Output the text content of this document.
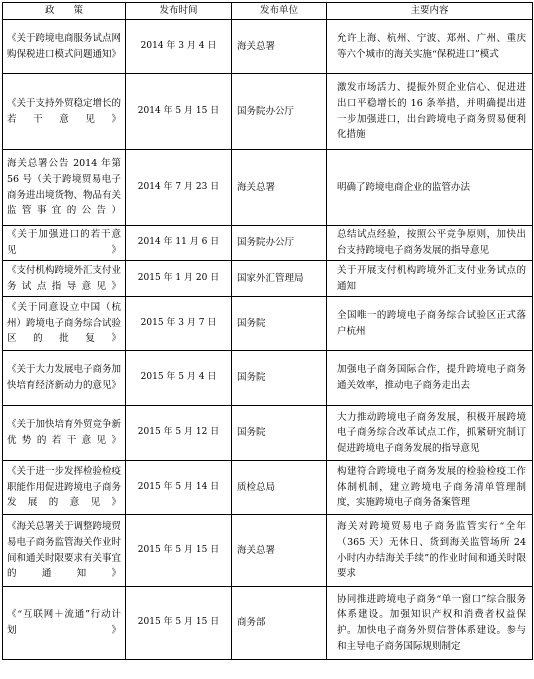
政　　策	发布时间	发布单位	主要内容
《关于跨境电商服务试点网购保税进口模式问题通知》	2014 年 3 月 4 日	海关总署	允许上海、杭州、宁波、郑州、广州、重庆等六个城市的海关实施“保税进口”模式
《关于支持外贸稳定增长的若干意见》	2014 年 5 月 15 日	国务院办公厅	激发市场活力、提振外贸企业信心、促进进出口平稳增长的 16 条举措，并明确提出进一步加强进口，出台跨境电子商务贸易便利化措施
海关总署公告 2014 年第 56 号（关于跨境贸易电子商务进出境货物、物品有关监管事宜的公告）	2014 年 7 月 23 日	海关总署	明确了跨境电商企业的监管办法
《关于加强进口的若干意见》	2014 年 11 月 6 日	国务院办公厅	总结试点经验，按照公平竞争原则，加快出台支持跨境电子商务发展的指导意见
《支付机构跨境外汇支付业务试点指导意见》	2015 年 1 月 20 日	国家外汇管理局	关于开展支付机构跨境外汇支付业务试点的通知
《关于同意设立中国（杭州）跨境电子商务综合试验区的批复》	2015 年 3 月 7 日	国务院	全国唯一的跨境电子商务综合试验区正式落户杭州
《关于大力发展电子商务加快培育经济新动力的意见》	2015 年 5 月 4 日	国务院	加强电子商务国际合作，提升跨境电子商务通关效率，推动电子商务走出去
《关于加快培育外贸竞争新优势的若干意见》	2015 年 5 月 12 日	国务院	大力推动跨境电子商务发展，积极开展跨境电子商务综合改革试点工作，抓紧研究制订促进跨境电子商务发展的指导意见
《关于进一步发挥检验检疫职能作用促进跨境电子商务发展的意见》	2015 年 5 月 14 日	质检总局	构建符合跨境电子商务发展的检验检疫工作体制机制，建立跨境电子商务清单管理制度，实施跨境电子商务备案管理
《海关总署关于调整跨境贸易电子商务监管海关作业时间和通关时限要求有关事宜的通知》	2015 年 5 月 15 日	海关总署	海关对跨境贸易电子商务监管实行“全年（365 天）无休日、货到海关监管场所 24 小时内办结海关手续”的作业时间和通关时限要求
《“互联网＋流通”行动计划》	2015 年 5 月 15 日	商务部	协同推进跨境电子商务“单一窗口”综合服务体系建设。加强知识产权和消费者权益保护。加快电子商务外贸信誉体系建设。参与和主导电子商务国际规则制定
